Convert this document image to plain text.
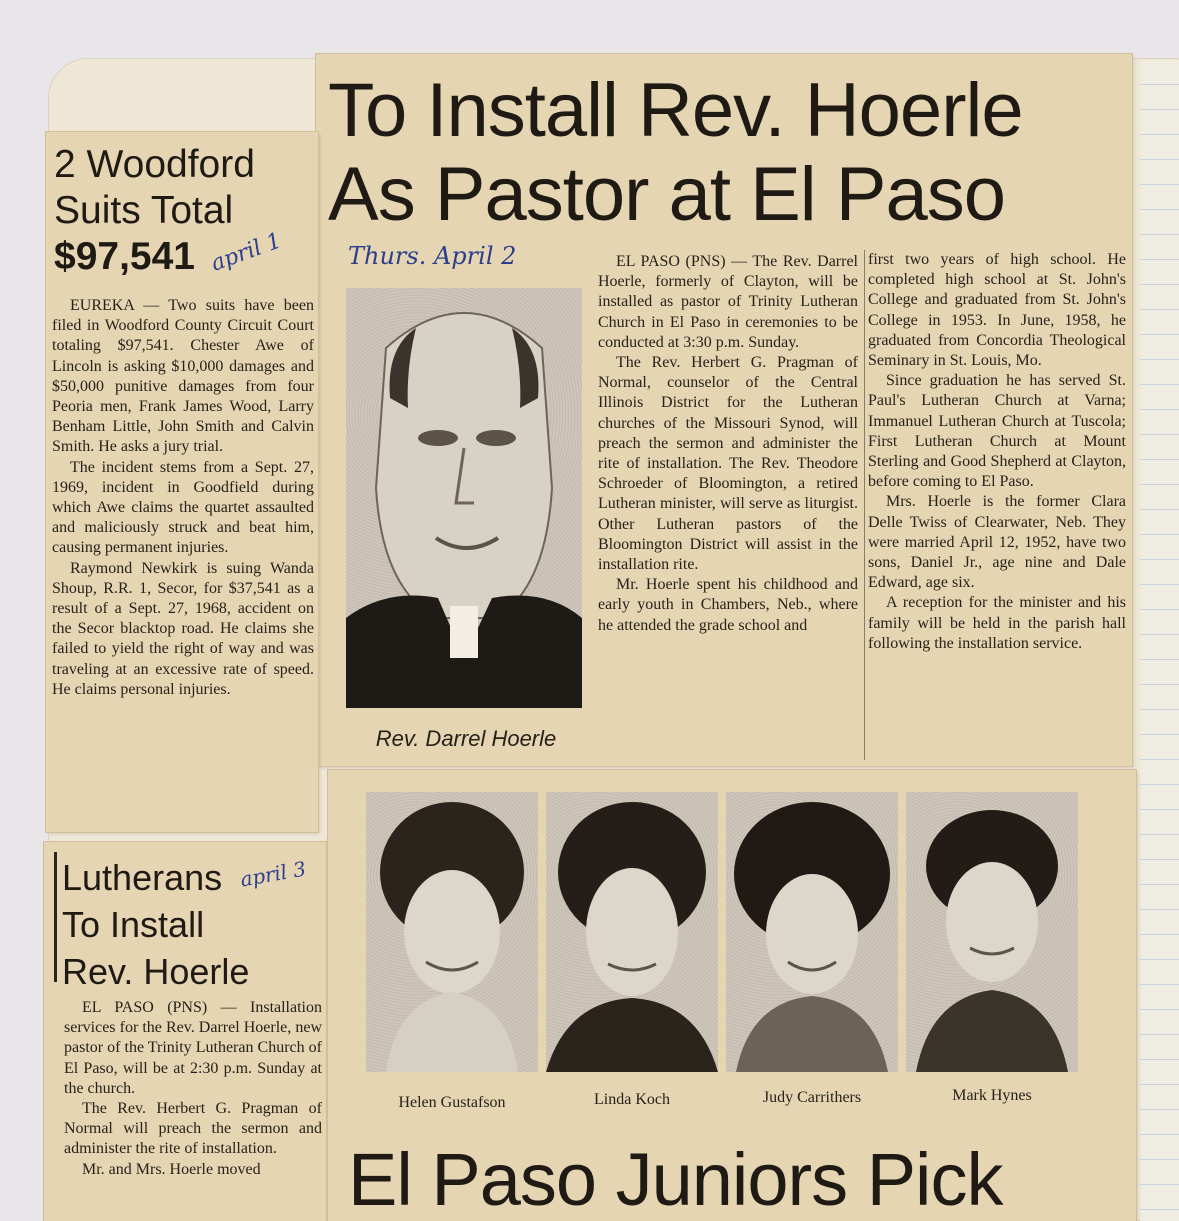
To Install Rev. Hoerle
As Pastor at El Paso
Thurs. April 2
Rev. Darrel Hoerle

EL PASO (PNS) — The Rev. Darrel Hoerle, formerly of Clayton, will be installed as pastor of Trinity Lutheran Church in El Paso in ceremonies to be conducted at 3:30 p.m. Sunday.

The Rev. Herbert G. Pragman of Normal, counselor of the Central Illinois District for the Lutheran churches of the Missouri Synod, will preach the sermon and administer the rite of installation. The Rev. Theodore Schroeder of Bloomington, a retired Lutheran minister, will serve as liturgist. Other Lutheran pastors of the Bloomington District will assist in the installation rite.

Mr. Hoerle spent his childhood and early youth in Chambers, Neb., where he attended the grade school and

first two years of high school. He completed high school at St. John's College and graduated from St. John's College in 1953. In June, 1958, he graduated from Concordia Theological Seminary in St. Louis, Mo.

Since graduation he has served St. Paul's Lutheran Church at Varna; Immanuel Lutheran Church at Tuscola; First Lutheran Church at Mount Sterling and Good Shepherd at Clayton, before coming to El Paso.

Mrs. Hoerle is the former Clara Delle Twiss of Clearwater, Neb. They were married April 12, 1952, have two sons, Daniel Jr., age nine and Dale Edward, age six.

A reception for the minister and his family will be held in the parish hall following the installation service.

2 Woodford
Suits Total
$97,541 april 1

EUREKA — Two suits have been filed in Woodford County Circuit Court totaling $97,541. Chester Awe of Lincoln is asking $10,000 damages and $50,000 punitive damages from four Peoria men, Frank James Wood, Larry Benham Little, John Smith and Calvin Smith. He asks a jury trial.

The incident stems from a Sept. 27, 1969, incident in Goodfield during which Awe claims the quartet assaulted and maliciously struck and beat him, causing permanent injuries.

Raymond Newkirk is suing Wanda Shoup, R.R. 1, Secor, for $37,541 as a result of a Sept. 27, 1968, accident on the Secor blacktop road. He claims she failed to yield the right of way and was traveling at an excessive rate of speed. He claims personal injuries.

Lutherans
To Install
Rev. Hoerle
april 3

EL PASO (PNS) — Installation services for the Rev. Darrel Hoerle, new pastor of the Trinity Lutheran Church of El Paso, will be at 2:30 p.m. Sunday at the church.

The Rev. Herbert G. Pragman of Normal will preach the sermon and administer the rite of installation.

Mr. and Mrs. Hoerle moved

Helen Gustafson	Linda Koch	Judy Carrithers	Mark Hynes
El Paso Juniors Pick
